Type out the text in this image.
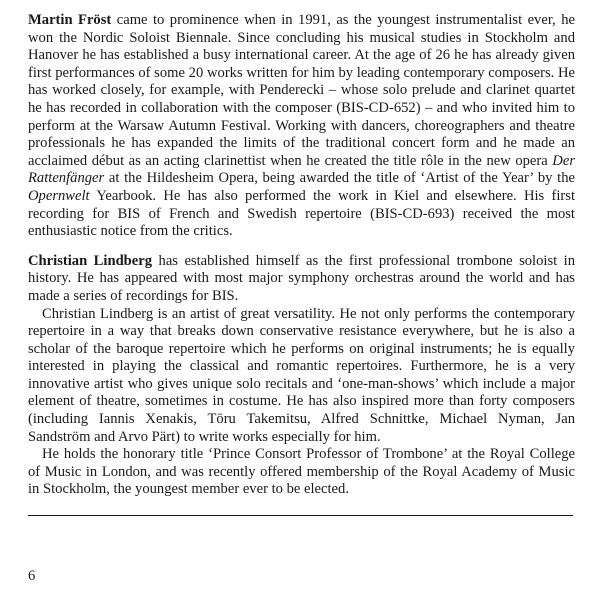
Martin Fröst came to prominence when in 1991, as the youngest instrumentalist ever, he won the Nordic Soloist Biennale. Since concluding his musical studies in Stockholm and Hanover he has established a busy international career. At the age of 26 he has already given first performances of some 20 works written for him by leading contemporary composers. He has worked closely, for example, with Penderecki – whose solo prelude and clarinet quartet he has recorded in collaboration with the composer (BIS-CD-652) – and who invited him to perform at the Warsaw Autumn Festival. Working with dancers, choreographers and theatre professionals he has expanded the limits of the traditional concert form and he made an acclaimed début as an acting clarinettist when he created the title rôle in the new opera Der Rattenfänger at the Hildesheim Opera, being awarded the title of ‘Artist of the Year’ by the Opernwelt Yearbook. He has also performed the work in Kiel and elsewhere. His first recording for BIS of French and Swedish repertoire (BIS-CD-693) received the most enthusiastic notice from the critics.

Christian Lindberg has established himself as the first professional trombone soloist in history. He has appeared with most major symphony orchestras around the world and has made a series of recordings for BIS.

Christian Lindberg is an artist of great versatility. He not only performs the contemporary repertoire in a way that breaks down conservative resistance everywhere, but he is also a scholar of the baroque repertoire which he performs on original instruments; he is equally interested in playing the classical and romantic repertoires. Furthermore, he is a very innovative artist who gives unique solo recitals and ‘one-man-shows’ which include a major element of theatre, sometimes in costume. He has also inspired more than forty composers (including Iannis Xenakis, Tōru Takemitsu, Alfred Schnittke, Michael Nyman, Jan Sandström and Arvo Pärt) to write works especially for him.

He holds the honorary title ‘Prince Consort Professor of Trombone’ at the Royal College of Music in London, and was recently offered membership of the Royal Academy of Music in Stockholm, the youngest member ever to be elected.

6
